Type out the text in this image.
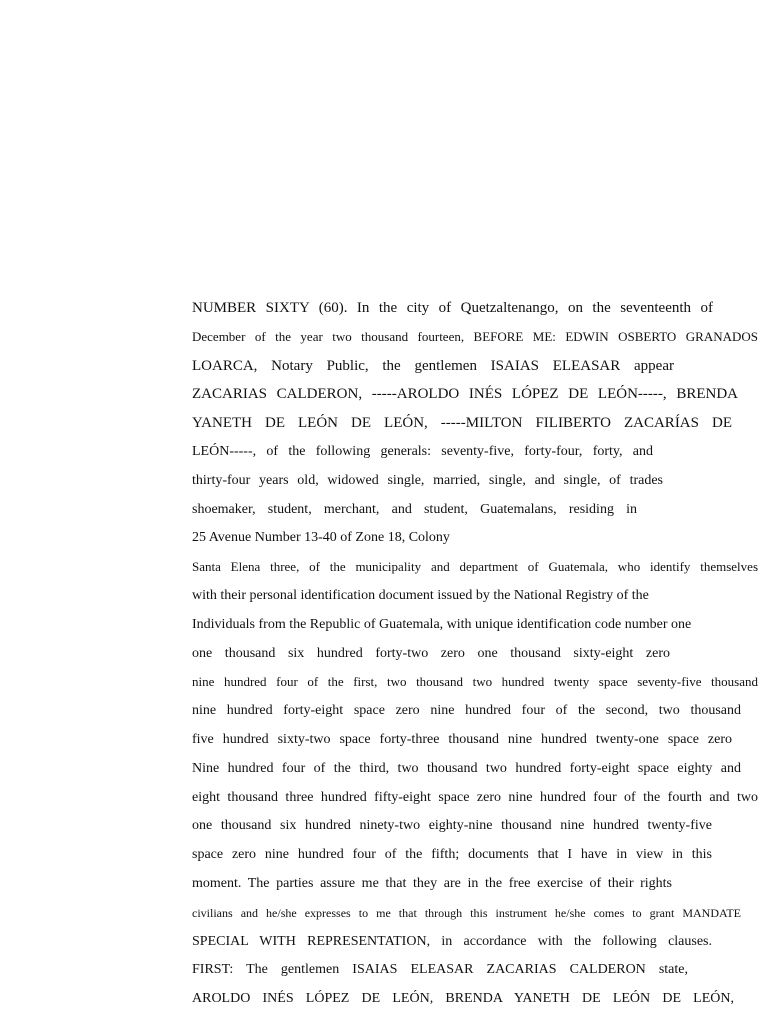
NUMBER SIXTY (60). In the city of Quetzaltenango, on the seventeenth of
December of the year two thousand fourteen, BEFORE ME: EDWIN OSBERTO GRANADOS
LOARCA, Notary Public, the gentlemen ISAIAS ELEASAR appear
ZACARIAS CALDERON, -----AROLDO INÉS LÓPEZ DE LEÓN-----, BRENDA
YANETH DE LEÓN DE LEÓN, -----MILTON FILIBERTO ZACARÍAS DE
LEÓN-----, of the following generals: seventy-five, forty-four, forty, and
thirty-four years old, widowed single, married, single, and single, of trades
shoemaker, student, merchant, and student, Guatemalans, residing in
25 Avenue Number 13-40 of Zone 18, Colony
Santa Elena three, of the municipality and department of Guatemala, who identify themselves
with their personal identification document issued by the National Registry of the
Individuals from the Republic of Guatemala, with unique identification code number one
one thousand six hundred forty-two zero one thousand sixty-eight zero
nine hundred four of the first, two thousand two hundred twenty space seventy-five thousand
nine hundred forty-eight space zero nine hundred four of the second, two thousand
five hundred sixty-two space forty-three thousand nine hundred twenty-one space zero
Nine hundred four of the third, two thousand two hundred forty-eight space eighty and
eight thousand three hundred fifty-eight space zero nine hundred four of the fourth and two
one thousand six hundred ninety-two eighty-nine thousand nine hundred twenty-five
space zero nine hundred four of the fifth; documents that I have in view in this
moment. The parties assure me that they are in the free exercise of their rights
civilians and he/she expresses to me that through this instrument he/she comes to grant MANDATE
SPECIAL WITH REPRESENTATION, in accordance with the following clauses.
FIRST: The gentlemen ISAIAS ELEASAR ZACARIAS CALDERON state,
AROLDO INÉS LÓPEZ DE LEÓN, BRENDA YANETH DE LEÓN DE LEÓN,
